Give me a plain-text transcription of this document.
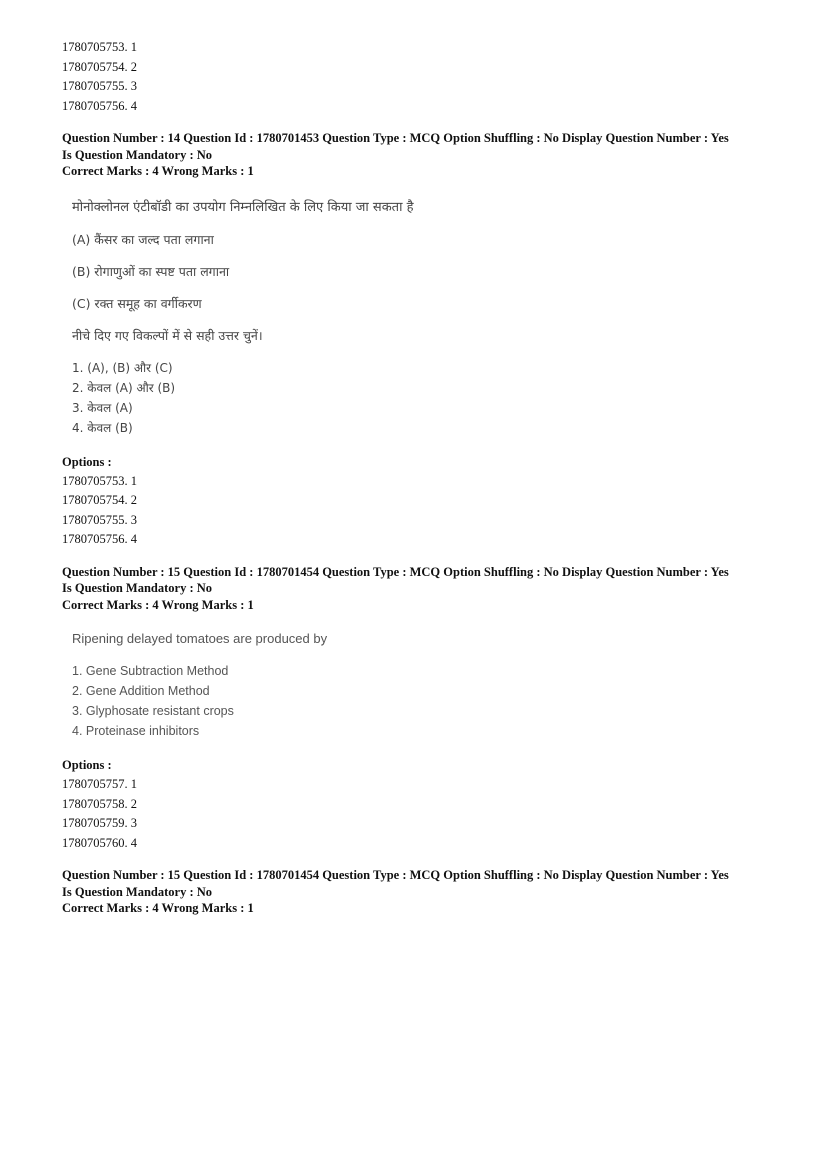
1780705753. 1

1780705754. 2

1780705755. 3

1780705756. 4

Question Number : 14 Question Id : 1780701453 Question Type : MCQ Option Shuffling : No Display Question Number : Yes

Is Question Mandatory : No

Correct Marks : 4 Wrong Marks : 1

मोनोक्लोनल एंटीबॉडी का उपयोग निम्नलिखित के लिए किया जा सकता है

(A) कैंसर का जल्द पता लगाना

(B) रोगाणुओं का स्पष्ट पता लगाना

(C) रक्त समूह का वर्गीकरण

नीचे दिए गए विकल्पों में से सही उत्तर चुनें।

1. (A), (B) और (C)

2. केवल (A) और (B)

3. केवल (A)

4. केवल (B)

Options :

1780705753. 1

1780705754. 2

1780705755. 3

1780705756. 4

Question Number : 15 Question Id : 1780701454 Question Type : MCQ Option Shuffling : No Display Question Number : Yes

Is Question Mandatory : No

Correct Marks : 4 Wrong Marks : 1

Ripening delayed tomatoes are produced by

1. Gene Subtraction Method

2. Gene Addition Method

3. Glyphosate resistant crops

4. Proteinase inhibitors

Options :

1780705757. 1

1780705758. 2

1780705759. 3

1780705760. 4

Question Number : 15 Question Id : 1780701454 Question Type : MCQ Option Shuffling : No Display Question Number : Yes

Is Question Mandatory : No

Correct Marks : 4 Wrong Marks : 1
